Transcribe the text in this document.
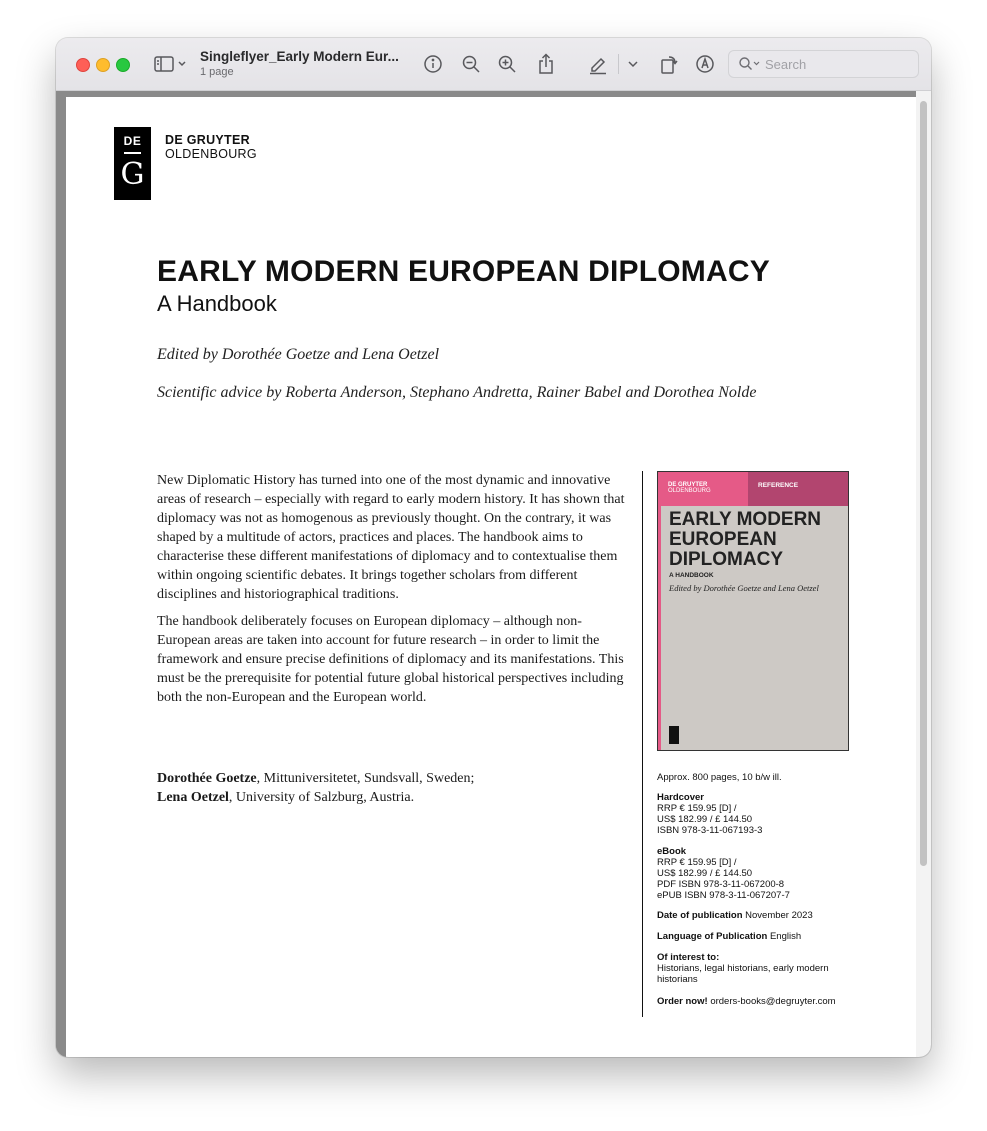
Singleflyer_Early Modern Eur...
1 page	Search
DE
G
DE GRUYTER
OLDENBOURG
EARLY MODERN EUROPEAN DIPLOMACY
A Handbook
Edited by Dorothée Goetze and Lena Oetzel
Scientific advice by Roberta Anderson, Stephano Andretta, Rainer Babel and Dorothea Nolde

New Diplomatic History has turned into one of the most dynamic and innovative areas of research – especially with regard to early modern history. It has shown that diplomacy was not as homogenous as previously thought. On the contrary, it was shaped by a multitude of actors, practices and places. The handbook aims to characterise these different manifestations of diplomacy and to contextualise them within ongoing scientific debates. It brings together scholars from different disciplines and historiographical traditions.

The handbook deliberately focuses on European diplomacy – although non-European areas are taken into account for future research – in order to limit the framework and ensure precise definitions of diplomacy and its manifestations. This must be the prerequisite for potential future global historical perspectives including both the non-European and the European world.

Dorothée Goetze, Mittuniversitetet, Sundsvall, Sweden;
Lena Oetzel, University of Salzburg, Austria.
DE GRUYTER
OLDENBOURG
REFERENCE
EARLY MODERN EUROPEAN DIPLOMACY
A HANDBOOK
Edited by Dorothée Goetze and Lena Oetzel
Approx. 800 pages, 10 b/w ill.
Hardcover
RRP € 159.95 [D] /
US$ 182.99 / £ 144.50
ISBN 978-3-11-067193-3
eBook
RRP € 159.95 [D] /
US$ 182.99 / £ 144.50
PDF ISBN 978-3-11-067200-8
ePUB ISBN 978-3-11-067207-7
Date of publication November 2023
Language of Publication English
Of interest to:
Historians, legal historians, early modern
historians
Order now! orders-books@degruyter.com
